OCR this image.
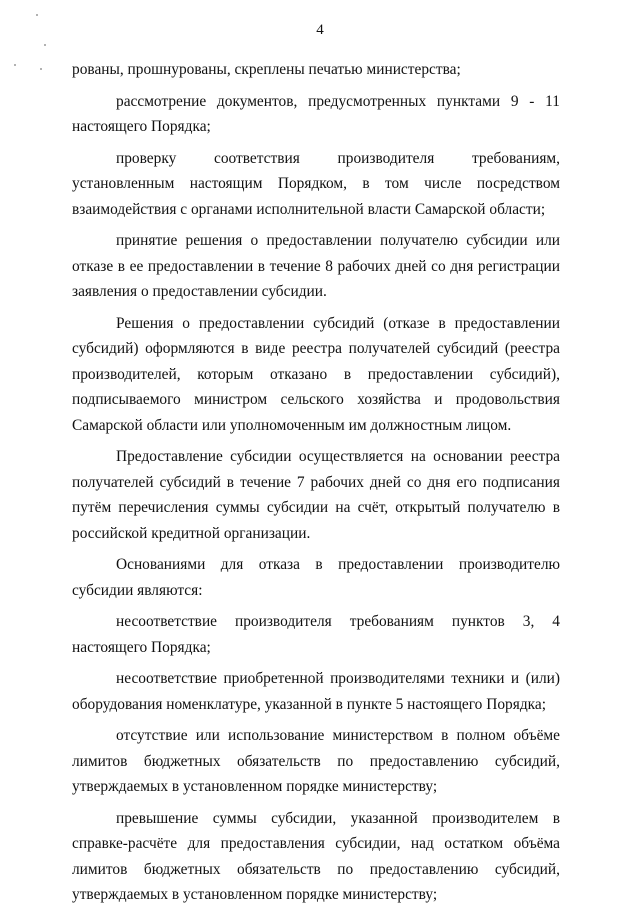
4

рованы, прошнурованы, скреплены печатью министерства;

рассмотрение документов, предусмотренных пунктами 9 - 11 настоящего Порядка;

проверку соответствия производителя требованиям, установленным настоящим Порядком, в том числе посредством взаимодействия с органами исполнительной власти Самарской области;

принятие решения о предоставлении получателю субсидии или отказе в ее предоставлении в течение 8 рабочих дней со дня регистрации заявления о предоставлении субсидии.

Решения о предоставлении субсидий (отказе в предоставлении субсидий) оформляются в виде реестра получателей субсидий (реестра производителей, которым отказано в предоставлении субсидий), подписываемого министром сельского хозяйства и продовольствия Самарской области или уполномоченным им должностным лицом.

Предоставление субсидии осуществляется на основании реестра получателей субсидий в течение 7 рабочих дней со дня его подписания путём перечисления суммы субсидии на счёт, открытый получателю в российской кредитной организации.

Основаниями для отказа в предоставлении производителю субсидии являются:

несоответствие производителя требованиям пунктов 3, 4 настоящего Порядка;

несоответствие приобретенной производителями техники и (или) оборудования номенклатуре, указанной в пункте 5 настоящего Порядка;

отсутствие или использование министерством в полном объёме лимитов бюджетных обязательств по предоставлению субсидий, утверждаемых в установленном порядке министерству;

превышение суммы субсидии, указанной производителем в справке-расчёте для предоставления субсидии, над остатком объёма лимитов бюджетных обязательств по предоставлению субсидий, утверждаемых в установленном порядке министерству;
